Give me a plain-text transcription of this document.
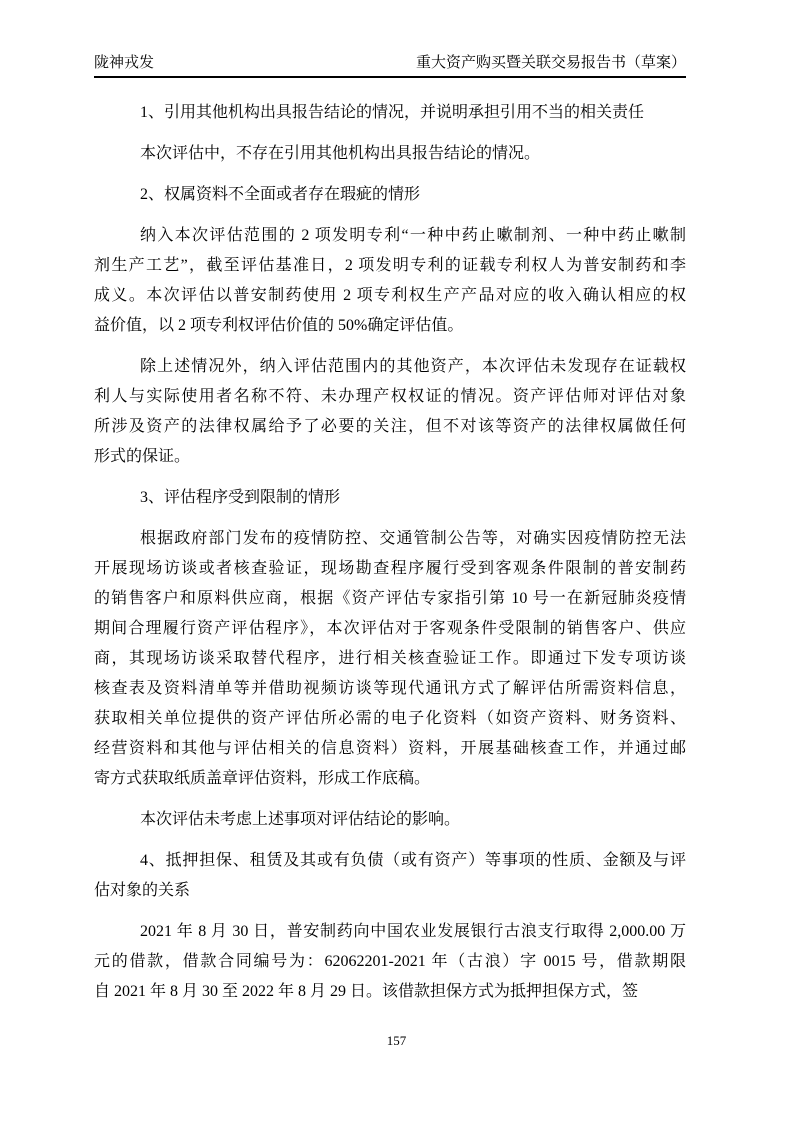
陇神戎发	重大资产购买暨关联交易报告书（草案）
1、引用其他机构出具报告结论的情况，并说明承担引用不当的相关责任
本次评估中，不存在引用其他机构出具报告结论的情况。
2、权属资料不全面或者存在瑕疵的情形
纳入本次评估范围的 2 项发明专利“一种中药止嗽制剂、一种中药止嗽制
剂生产工艺”，截至评估基准日，2 项发明专利的证载专利权人为普安制药和李
成义。本次评估以普安制药使用 2 项专利权生产产品对应的收入确认相应的权
益价值，以 2 项专利权评估价值的 50%确定评估值。
除上述情况外，纳入评估范围内的其他资产，本次评估未发现存在证载权
利人与实际使用者名称不符、未办理产权权证的情况。资产评估师对评估对象
所涉及资产的法律权属给予了必要的关注，但不对该等资产的法律权属做任何
形式的保证。
3、评估程序受到限制的情形
根据政府部门发布的疫情防控、交通管制公告等，对确实因疫情防控无法
开展现场访谈或者核查验证，现场勘查程序履行受到客观条件限制的普安制药
的销售客户和原料供应商，根据《资产评估专家指引第 10 号一在新冠肺炎疫情
期间合理履行资产评估程序》，本次评估对于客观条件受限制的销售客户、供应
商，其现场访谈采取替代程序，进行相关核查验证工作。即通过下发专项访谈
核查表及资料清单等并借助视频访谈等现代通讯方式了解评估所需资料信息，
获取相关单位提供的资产评估所必需的电子化资料（如资产资料、财务资料、
经营资料和其他与评估相关的信息资料）资料，开展基础核查工作，并通过邮
寄方式获取纸质盖章评估资料，形成工作底稿。
本次评估未考虑上述事项对评估结论的影响。
4、抵押担保、租赁及其或有负债（或有资产）等事项的性质、金额及与评
估对象的关系
2021 年 8 月 30 日，普安制药向中国农业发展银行古浪支行取得 2,000.00 万
元的借款，借款合同编号为：62062201-2021 年（古浪）字 0015 号，借款期限
自 2021 年 8 月 30 至 2022 年 8 月 29 日。该借款担保方式为抵押担保方式，签
157
